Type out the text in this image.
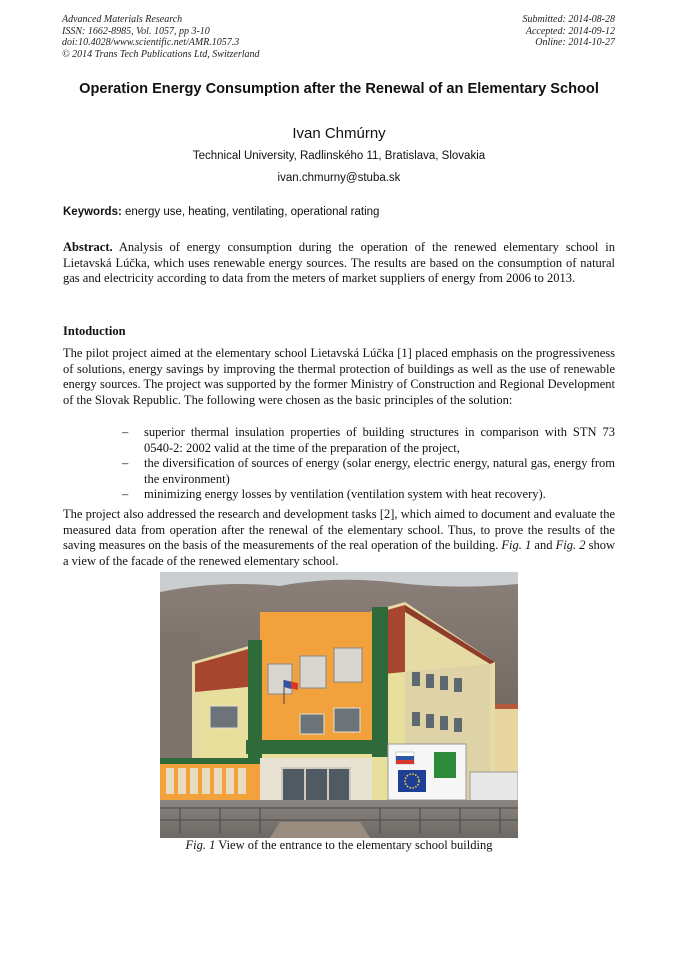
Advanced Materials Research
ISSN: 1662-8985, Vol. 1057, pp 3-10
doi:10.4028/www.scientific.net/AMR.1057.3
© 2014 Trans Tech Publications Ltd, Switzerland
Submitted: 2014-08-28
Accepted: 2014-09-12
Online: 2014-10-27
Operation Energy Consumption after the Renewal of an Elementary School
Ivan Chmúrny
Technical University, Radlinského 11, Bratislava, Slovakia
ivan.chmurny@stuba.sk
Keywords: energy use, heating, ventilating, operational rating

Abstract. Analysis of energy consumption during the operation of the renewed elementary school in Lietavská Lúčka, which uses renewable energy sources. The results are based on the consumption of natural gas and electricity according to data from the meters of market suppliers of energy from 2006 to 2013.

Intoduction

The pilot project aimed at the elementary school Lietavská Lúčka [1] placed emphasis on the progressiveness of solutions, energy savings by improving the thermal protection of buildings as well as the use of renewable energy sources. The project was supported by the former Ministry of Construction and Regional Development of the Slovak Republic. The following were chosen as the basic principles of the solution:

– superior thermal insulation properties of building structures in comparison with STN 73 0540-2: 2002 valid at the time of the preparation of the project,
– the diversification of sources of energy (solar energy, electric energy, natural gas, energy from the environment)
– minimizing energy losses by ventilation (ventilation system with heat recovery).

The project also addressed the research and development tasks [2], which aimed to document and evaluate the measured data from operation after the renewal of the elementary school. Thus, to prove the results of the saving measures on the basis of the measurements of the real operation of the building. Fig. 1 and Fig. 2 show a view of the facade of the renewed elementary school.

Fig. 1 View of the entrance to the elementary school building
